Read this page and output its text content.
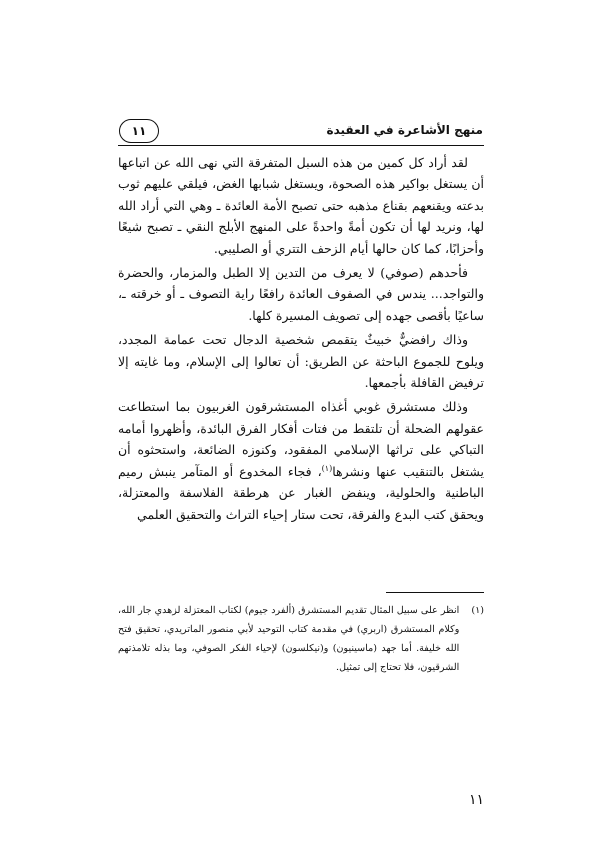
منهج الأشاعرة في العقيدة
١١

لقد أراد كل كمين من هذه السبل المتفرقة التي نهى الله عن اتباعها أن يستغل بواكير هذه الصحوة، ويستغل شبابها الغض، فيلقي عليهم ثوب بدعته ويقنعهم بقناع مذهبه حتى تصبح الأمة العائدة ـ وهي التي أراد الله لها، ونريد لها أن تكون أمةً واحدةً على المنهج الأبلج النقي ـ تصبح شيعًا وأحزابًا، كما كان حالها أيام الزحف التتري أو الصليبي.

فأحدهم (صوفي) لا يعرف من التدين إلا الطبل والمزمار، والحضرة والتواجد... يندس في الصفوف العائدة رافعًا راية التصوف ـ أو خرقته ـ، ساعيًا بأقصى جهده إلى تصويف المسيرة كلها.

وذاك رافضيٌّ خبيثٌ يتقمص شخصية الدجال تحت عمامة المجدد، ويلوح للجموع الباحثة عن الطريق: أن تعالوا إلى الإسلام، وما غايته إلا ترفيض القافلة بأجمعها.

وذلك مستشرق غوبي أغذاه المستشرقون الغربيون بما استطاعت عقولهم الضحلة أن تلتقط من فتات أفكار الفرق البائدة، وأظهروا أمامه التباكي على تراثها الإسلامي المفقود، وكنوزه الضائعة، واستحثوه أن يشتغل بالتنقيب عنها ونشرها$^{(١)}$، فجاء المخدوع أو المتآمر ينبش رميم الباطنية والحلولية، وينفض الغبار عن هرطقة الفلاسفة والمعتزلة، ويحقق كتب البدع والفرقة، تحت ستار إحياء التراث والتحقيق العلمي

(١)
انظر على سبيل المثال تقديم المستشرق (ألفرد جيوم) لكتاب المعتزلة لزهدي جار الله، وكلام المستشرق (اربري) في مقدمة كتاب التوحيد لأبي منصور الماتريدي، تحقيق فتح الله خليفة. أما جهد (ماسينيون) و(نيكلسون) لإحياء الفكر الصوفي، وما بذله تلامذتهم الشرقيون، فلا تحتاج إلى تمثيل.
١١
